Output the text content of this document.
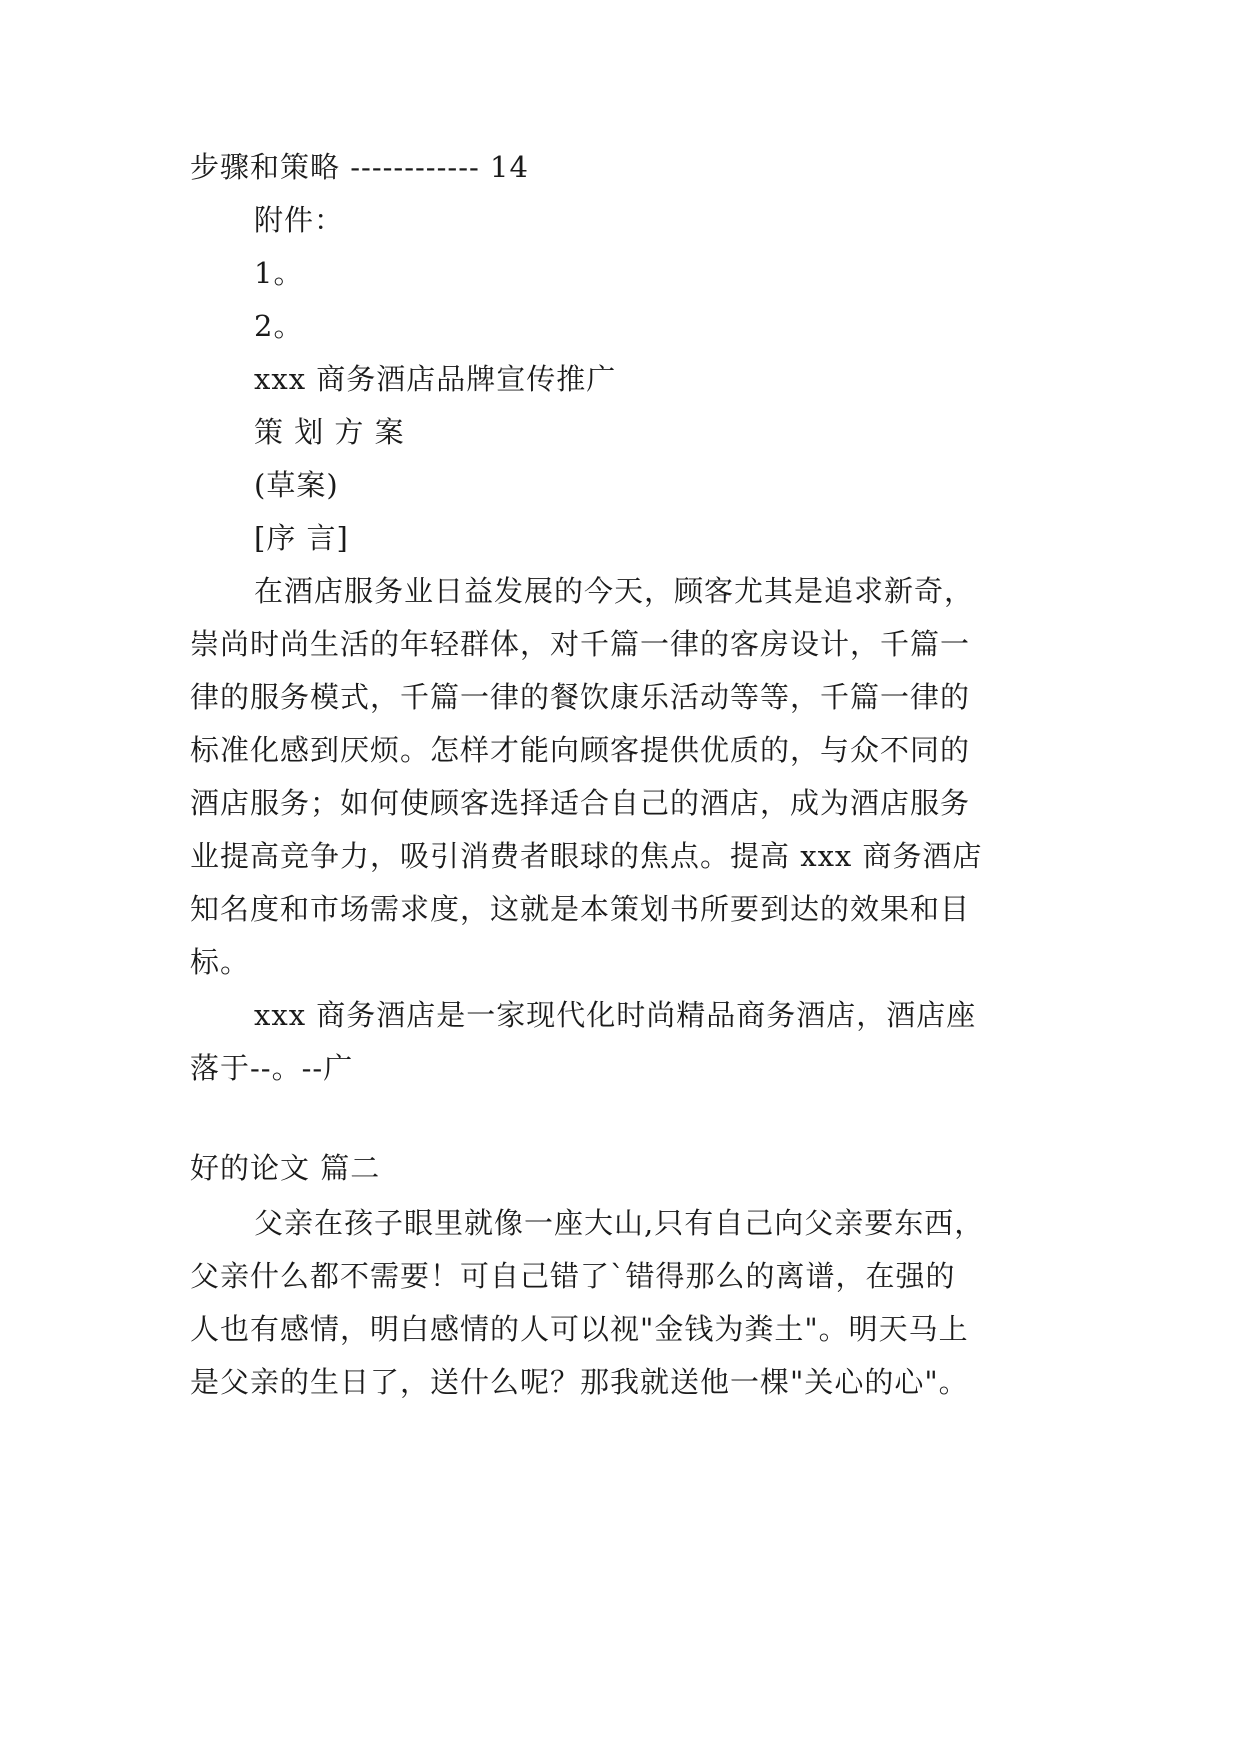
步骤和策略 ------------ 14
附件：
1。
2。
xxx 商务酒店品牌宣传推广
策 划 方 案
(草案)
[序 言]
在酒店服务业日益发展的今天，顾客尤其是追求新奇，
崇尚时尚生活的年轻群体，对千篇一律的客房设计，千篇一
律的服务模式，千篇一律的餐饮康乐活动等等，千篇一律的
标准化感到厌烦。怎样才能向顾客提供优质的，与众不同的
酒店服务；如何使顾客选择适合自己的酒店，成为酒店服务
业提高竞争力，吸引消费者眼球的焦点。提高 xxx 商务酒店
知名度和市场需求度，这就是本策划书所要到达的效果和目
标。
xxx 商务酒店是一家现代化时尚精品商务酒店，酒店座
落于--。--广
好的论文 篇二
父亲在孩子眼里就像一座大山,只有自己向父亲要东西，
父亲什么都不需要！可自己错了`错得那么的离谱，在强的
人也有感情，明白感情的人可以视"金钱为粪土"。明天马上
是父亲的生日了，送什么呢？那我就送他一棵"关心的心"。
